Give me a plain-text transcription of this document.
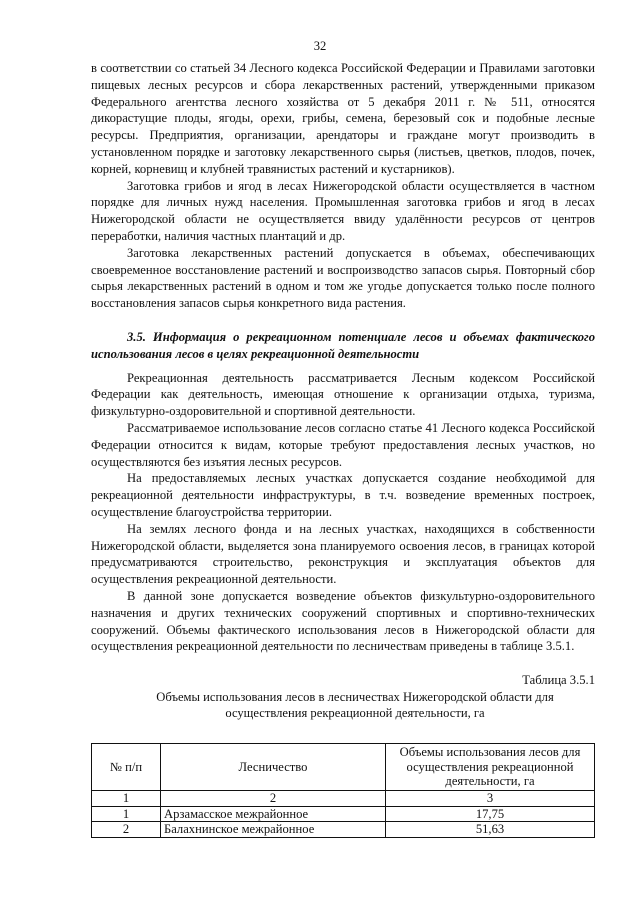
32

в соответствии со статьей 34 Лесного кодекса Российской Федерации и Правилами заготовки пищевых лесных ресурсов и сбора лекарственных растений, утвержденными приказом Федерального агентства лесного хозяйства от 5 декабря 2011 г. № 511, относятся дикорастущие плоды, ягоды, орехи, грибы, семена, березовый сок и подобные лесные ресурсы. Предприятия, организации, арендаторы и граждане могут производить в установленном порядке и заготовку лекарственного сырья (листьев, цветков, плодов, почек, корней, корневищ и клубней травянистых растений и кустарников).

Заготовка грибов и ягод в лесах Нижегородской области осуществляется в частном порядке для личных нужд населения. Промышленная заготовка грибов и ягод в лесах Нижегородской области не осуществляется ввиду удалённости ресурсов от центров переработки, наличия частных плантаций и др.

Заготовка лекарственных растений допускается в объемах, обеспечивающих своевременное восстановление растений и воспроизводство запасов сырья. Повторный сбор сырья лекарственных растений в одном и том же угодье допускается только после полного восстановления запасов сырья конкретного вида растения.

3.5. Информация о рекреационном потенциале лесов и объемах фактического использования лесов в целях рекреационной деятельности

Рекреационная деятельность рассматривается Лесным кодексом Российской Федерации как деятельность, имеющая отношение к организации отдыха, туризма, физкультурно-оздоровительной и спортивной деятельности.

Рассматриваемое использование лесов согласно статье 41 Лесного кодекса Российской Федерации относится к видам, которые требуют предоставления лесных участков, но осуществляются без изъятия лесных ресурсов.

На предоставляемых лесных участках допускается создание необходимой для рекреационной деятельности инфраструктуры, в т.ч. возведение временных построек, осуществление благоустройства территории.

На землях лесного фонда и на лесных участках, находящихся в собственности Нижегородской области, выделяется зона планируемого освоения лесов, в границах которой предусматриваются строительство, реконструкция и эксплуатация объектов для осуществления рекреационной деятельности.

В данной зоне допускается возведение объектов физкультурно-оздоровительного назначения и других технических сооружений спортивных и спортивно-технических сооружений. Объемы фактического использования лесов в Нижегородской области для осуществления рекреационной деятельности по лесничествам приведены в таблице 3.5.1.

Таблица 3.5.1
Объемы использования лесов в лесничествах Нижегородской области для
осуществления рекреационной деятельности, га
№ п/п	Лесничество	Объемы использования лесов для осуществления рекреационной деятельности, га
1	2	3
1	Арзамасское межрайонное	17,75
2	Балахнинское межрайонное	51,63
